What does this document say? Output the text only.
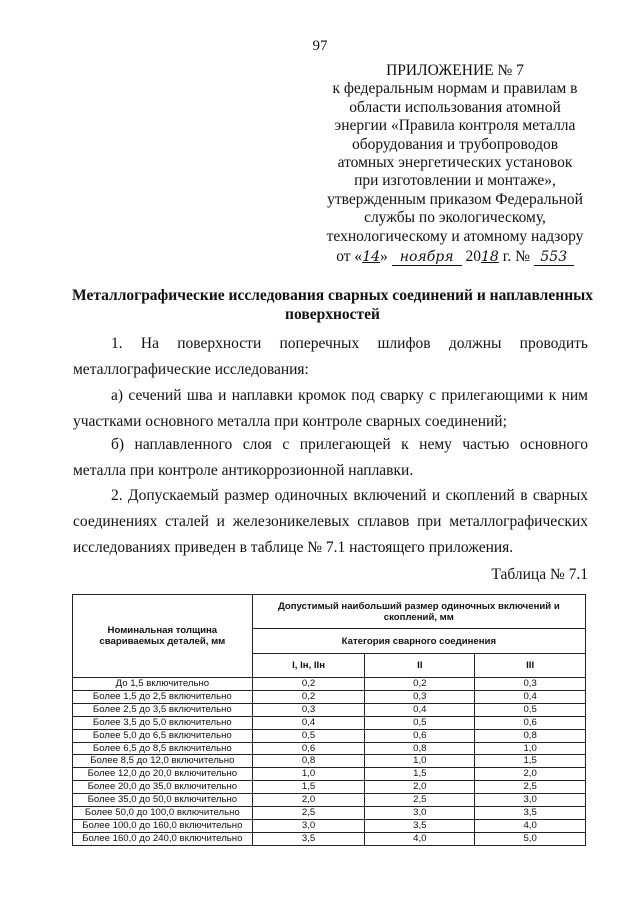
97
ПРИЛОЖЕНИЕ № 7
к федеральным нормам и правилам в
области использования атомной
энергии «Правила контроля металла
оборудования и трубопроводов
атомных энергетических установок
при изготовлении и монтаже»,
утвержденным приказом Федеральной
службы по экологическому,
технологическому и атомному надзору
от «14» ноября 2018 г. № 553
Металлографические исследования сварных соединений и наплавленных поверхностей
1. На поверхности поперечных шлифов должны проводить металлографические исследования:
а) сечений шва и наплавки кромок под сварку с прилегающими к ним участками основного металла при контроле сварных соединений;
б) наплавленного слоя с прилегающей к нему частью основного металла при контроле антикоррозионной наплавки.
2. Допускаемый размер одиночных включений и скоплений в сварных соединениях сталей и железоникелевых сплавов при металлографических исследованиях приведен в таблице № 7.1 настоящего приложения.
Таблица № 7.1
Номинальная толщина свариваемых деталей, мм	Допустимый наибольший размер одиночных включений и скоплений, мм		
	Категория сварного соединения		
	I, Iн, IIн	II	III
До 1,5 включительно	0,2	0,2	0,3
Более 1,5 до 2,5 включительно	0,2	0,3	0,4
Более 2,5 до 3,5 включительно	0,3	0,4	0,5
Более 3,5 до 5,0 включительно	0,4	0,5	0,6
Более 5,0 до 6,5 включительно	0,5	0,6	0,8
Более 6,5 до 8,5 включительно	0,6	0,8	1,0
Более 8,5 до 12,0 включительно	0,8	1,0	1,5
Более 12,0 до 20,0 включительно	1,0	1,5	2,0
Более 20,0 до 35,0 включительно	1,5	2,0	2,5
Более 35,0 до 50,0 включительно	2,0	2,5	3,0
Более 50,0 до 100,0 включительно	2,5	3,0	3,5
Более 100,0 до 160,0 включительно	3,0	3,5	4,0
Более 160,0 до 240,0 включительно	3,5	4,0	5,0
